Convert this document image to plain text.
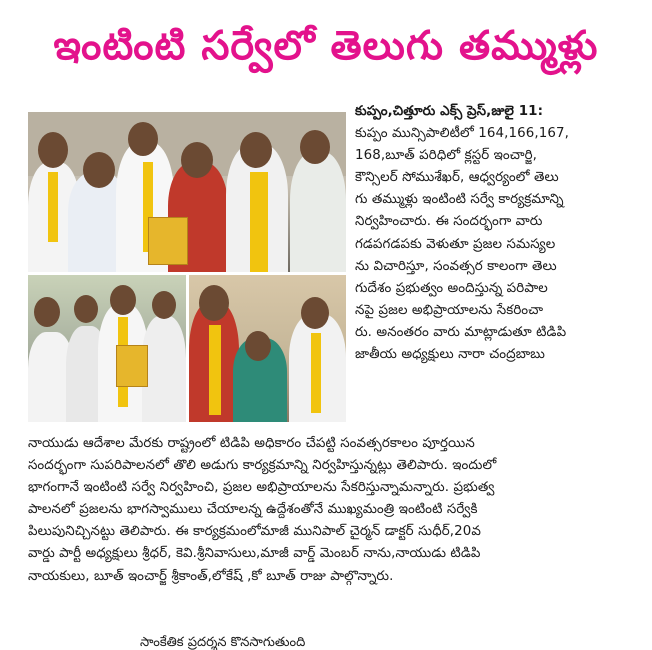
ఇంటింటి సర్వేలో తెలుగు తమ్ముళ్లు
కుప్పం,చిత్తూరు ఎక్స్ ప్రెస్,జులై 11:
కుప్పం మున్సిపాలిటీలో 164,166,167,
168,బూత్ పరిధిలో క్లస్టర్ ఇంచార్జి,
కౌన్సిలర్ సోముశేఖర్, ఆధ్వర్యంలో తెలు
గు తమ్ముళ్లు ఇంటింటి సర్వే కార్యక్రమాన్ని
నిర్వహించారు. ఈ సందర్భంగా వారు
గడపగడపకు వెళుతూ ప్రజల సమస్యల
ను విచారిస్తూ, సంవత్సర కాలంగా తెలు
గుదేశం ప్రభుత్వం అందిస్తున్న పరిపాల
నపై ప్రజల అభిప్రాయాలను సేకరించా
రు. అనంతరం వారు మాట్లాడుతూ టిడిపి
జాతీయ అధ్యక్షులు నారా చంద్రబాబు
నాయుడు ఆదేశాల మేరకు రాష్ట్రంలో టిడిపి అధికారం చేపట్టి సంవత్సరకాలం పూర్తయిన
సందర్భంగా సుపరిపాలనలో తొలి అడుగు కార్యక్రమాన్ని నిర్వహిస్తున్నట్లు తెలిపారు. ఇందులో
భాగంగానే ఇంటింటి సర్వే నిర్వహించి, ప్రజల అభిప్రాయాలను సేకరిస్తున్నామన్నారు. ప్రభుత్వ
పాలనలో ప్రజలను భాగస్వాములు చేయాలన్న ఉద్దేశంతోనే ముఖ్యమంత్రి ఇంటింటి సర్వేకి
పిలుపునిచ్చినట్టు తెలిపారు. ఈ కార్యక్రమంలోమాజీ మునిపాల్ చైర్మన్ డాక్టర్ సుధీర్,20వ
వార్డు పార్టీ అధ్యక్షులు శ్రీధర్, కెవి.శ్రీనివాసులు,మాజీ వార్డ్ మెంబర్ నాను,నాయుడు టిడిపి
నాయకులు, బూత్ ఇంచార్జ్ శ్రీకాంత్,లోకేష్ ,కో బూత్ రాజు పాల్గొన్నారు.
సాంకేతిక ప్రదర్శన కొనసాగుతుంది
